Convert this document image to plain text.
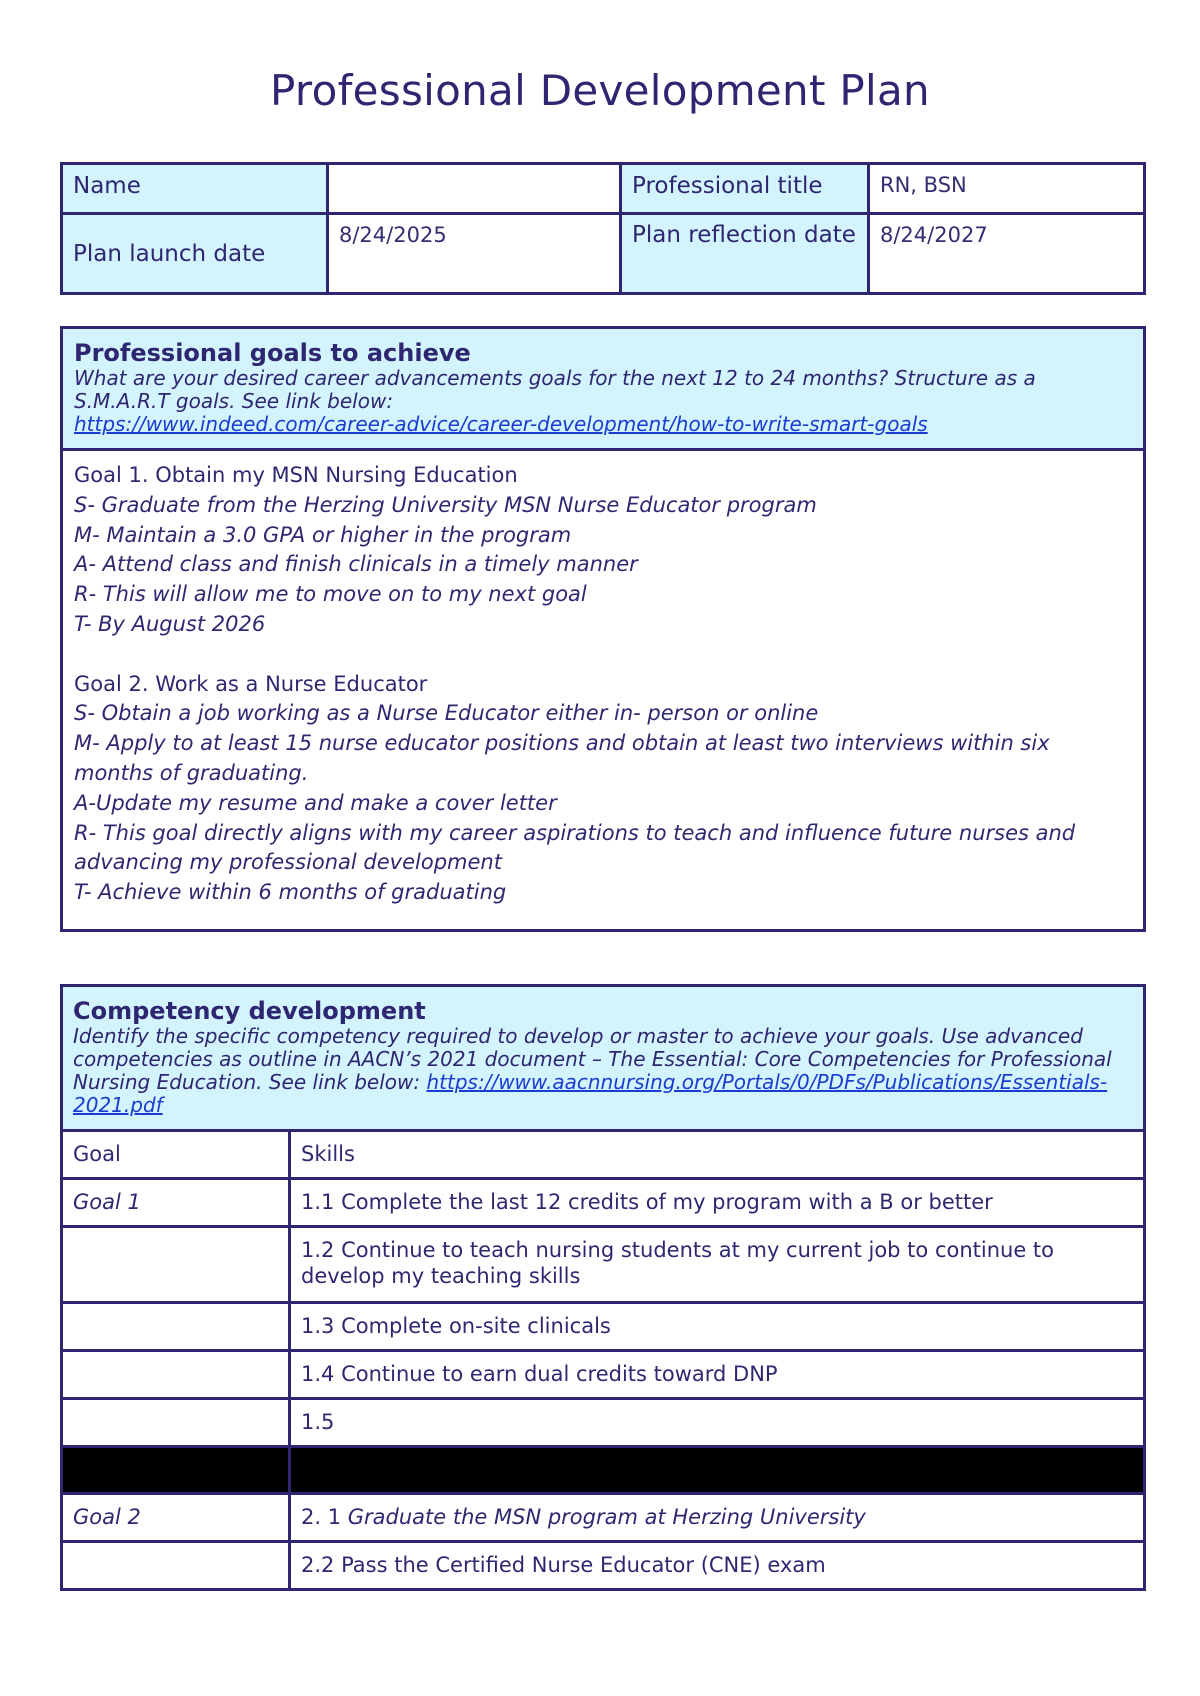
Professional Development Plan
Name		Professional title	RN, BSN
Plan launch date	8/24/2025	Plan reflection date	8/24/2027
Professional goals to achieve
What are your desired career advancements goals for the next 12 to 24 months? Structure as a S.M.A.R.T goals. See link below:
https://www.indeed.com/career-advice/career-development/how-to-write-smart-goals

Goal 1. Obtain my MSN Nursing Education
S- Graduate from the Herzing University MSN Nurse Educator program
M- Maintain a 3.0 GPA or higher in the program
A- Attend class and finish clinicals in a timely manner
R- This will allow me to move on to my next goal
T- By August 2026
Goal 2. Work as a Nurse Educator
S- Obtain a job working as a Nurse Educator either in- person or online
M- Apply to at least 15 nurse educator positions and obtain at least two interviews within six months of graduating.
A-Update my resume and make a cover letter
R- This goal directly aligns with my career aspirations to teach and influence future nurses and advancing my professional development
T- Achieve within 6 months of graduating
Competency development
Identify the specific competency required to develop or master to achieve your goals. Use advanced competencies as outline in AACN’s 2021 document – The Essential: Core Competencies for Professional Nursing Education. See link below: https://www.aacnnursing.org/Portals/0/PDFs/Publications/Essentials-2021.pdf	

Goal	Skills
Goal 1	1.1 Complete the last 12 credits of my program with a B or better
	1.2 Continue to teach nursing students at my current job to continue to develop my teaching skills
	1.3 Complete on-site clinicals
	1.4 Continue to earn dual credits toward DNP
	1.5

Goal 2	2. 1 Graduate the MSN program at Herzing University
	2.2 Pass the Certified Nurse Educator (CNE) exam
